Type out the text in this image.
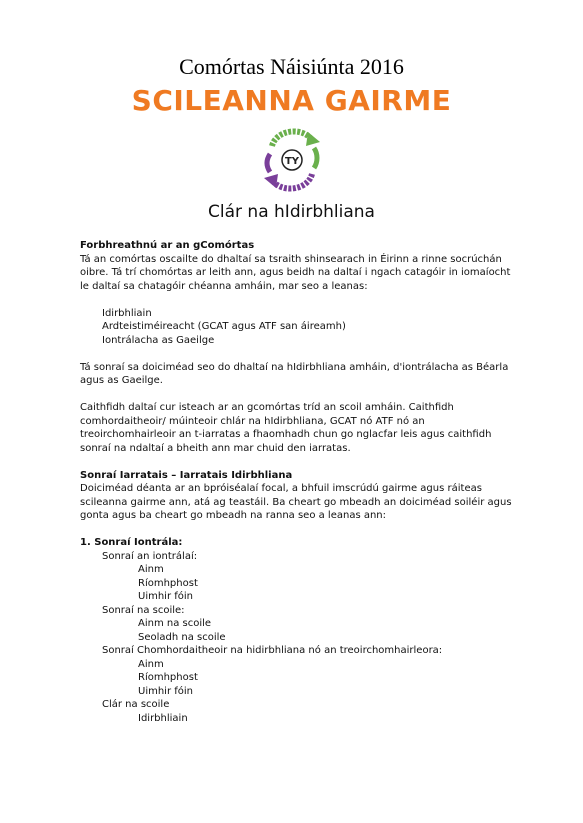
Comórtas Náisiúnta 2016
SCILEANNA GAIRME
TY
Clár na hIdirbhliana

Forbhreathnú ar an gComórtas

Tá an comórtas oscailte do dhaltaí sa tsraith shinsearach in Éirinn a rinne socrúchán oibre. Tá trí chomórtas ar leith ann, agus beidh na daltaí i ngach catagóir in iomaíocht le daltaí sa chatagóir chéanna amháin, mar seo a leanas:

Idirbhliain

Ardteistiméireacht (GCAT agus ATF san áireamh)

Iontrálacha as Gaeilge

Tá sonraí sa doiciméad seo do dhaltaí na hIdirbhliana amháin, d'iontrálacha as Béarla agus as Gaeilge.

Caithfidh daltaí cur isteach ar an gcomórtas tríd an scoil amháin. Caithfidh comhordaitheoir/ múinteoir chlár na hIdirbhliana, GCAT nó ATF nó an treoirchomhairleoir an t-iarratas a fhaomhadh chun go nglacfar leis agus caithfidh sonraí na ndaltaí a bheith ann mar chuid den iarratas.

Sonraí Iarratais – Iarratais Idirbhliana

Doiciméad déanta ar an bpróiséalaí focal, a bhfuil imscrúdú gairme agus ráiteas scileanna gairme ann, atá ag teastáil. Ba cheart go mbeadh an doiciméad soiléir agus gonta agus ba cheart go mbeadh na ranna seo a leanas ann:

1. Sonraí Iontrála:

Sonraí an iontrálaí:

Ainm

Ríomhphost

Uimhir fóin

Sonraí na scoile:

Ainm na scoile

Seoladh na scoile

Sonraí Chomhordaitheoir na hidirbhliana nó an treoirchomhairleora:

Ainm

Ríomhphost

Uimhir fóin

Clár na scoile

Idirbhliain
